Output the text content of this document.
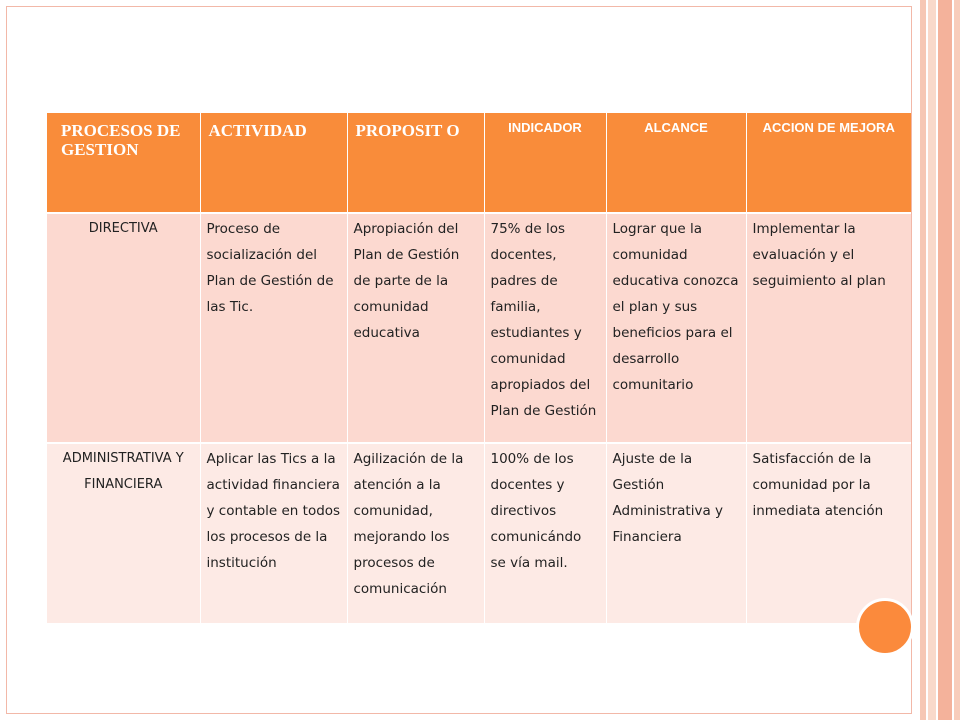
PROCESOS DE GESTION	ACTIVIDAD	PROPOSIT O	INDICADOR	ALCANCE	ACCION DE MEJORA
DIRECTIVA	Proceso de socialización del Plan de Gestión de las Tic.	Apropiación del Plan de Gestión de parte de la comunidad educativa	75% de los docentes, padres de familia, estudiantes y comunidad apropiados del Plan de Gestión	Lograr que la comunidad educativa conozca el plan y sus beneficios para el desarrollo comunitario	Implementar la evaluación y el seguimiento al plan
ADMINISTRATIVA Y FINANCIERA	Aplicar las Tics a la actividad financiera y contable en todos los procesos de la institución	Agilización de la atención a la comunidad, mejorando los procesos de comunicación	100% de los docentes y directivos comunicándo se vía mail.	Ajuste de la Gestión Administrativa y Financiera	Satisfacción de la comunidad por la inmediata atención
